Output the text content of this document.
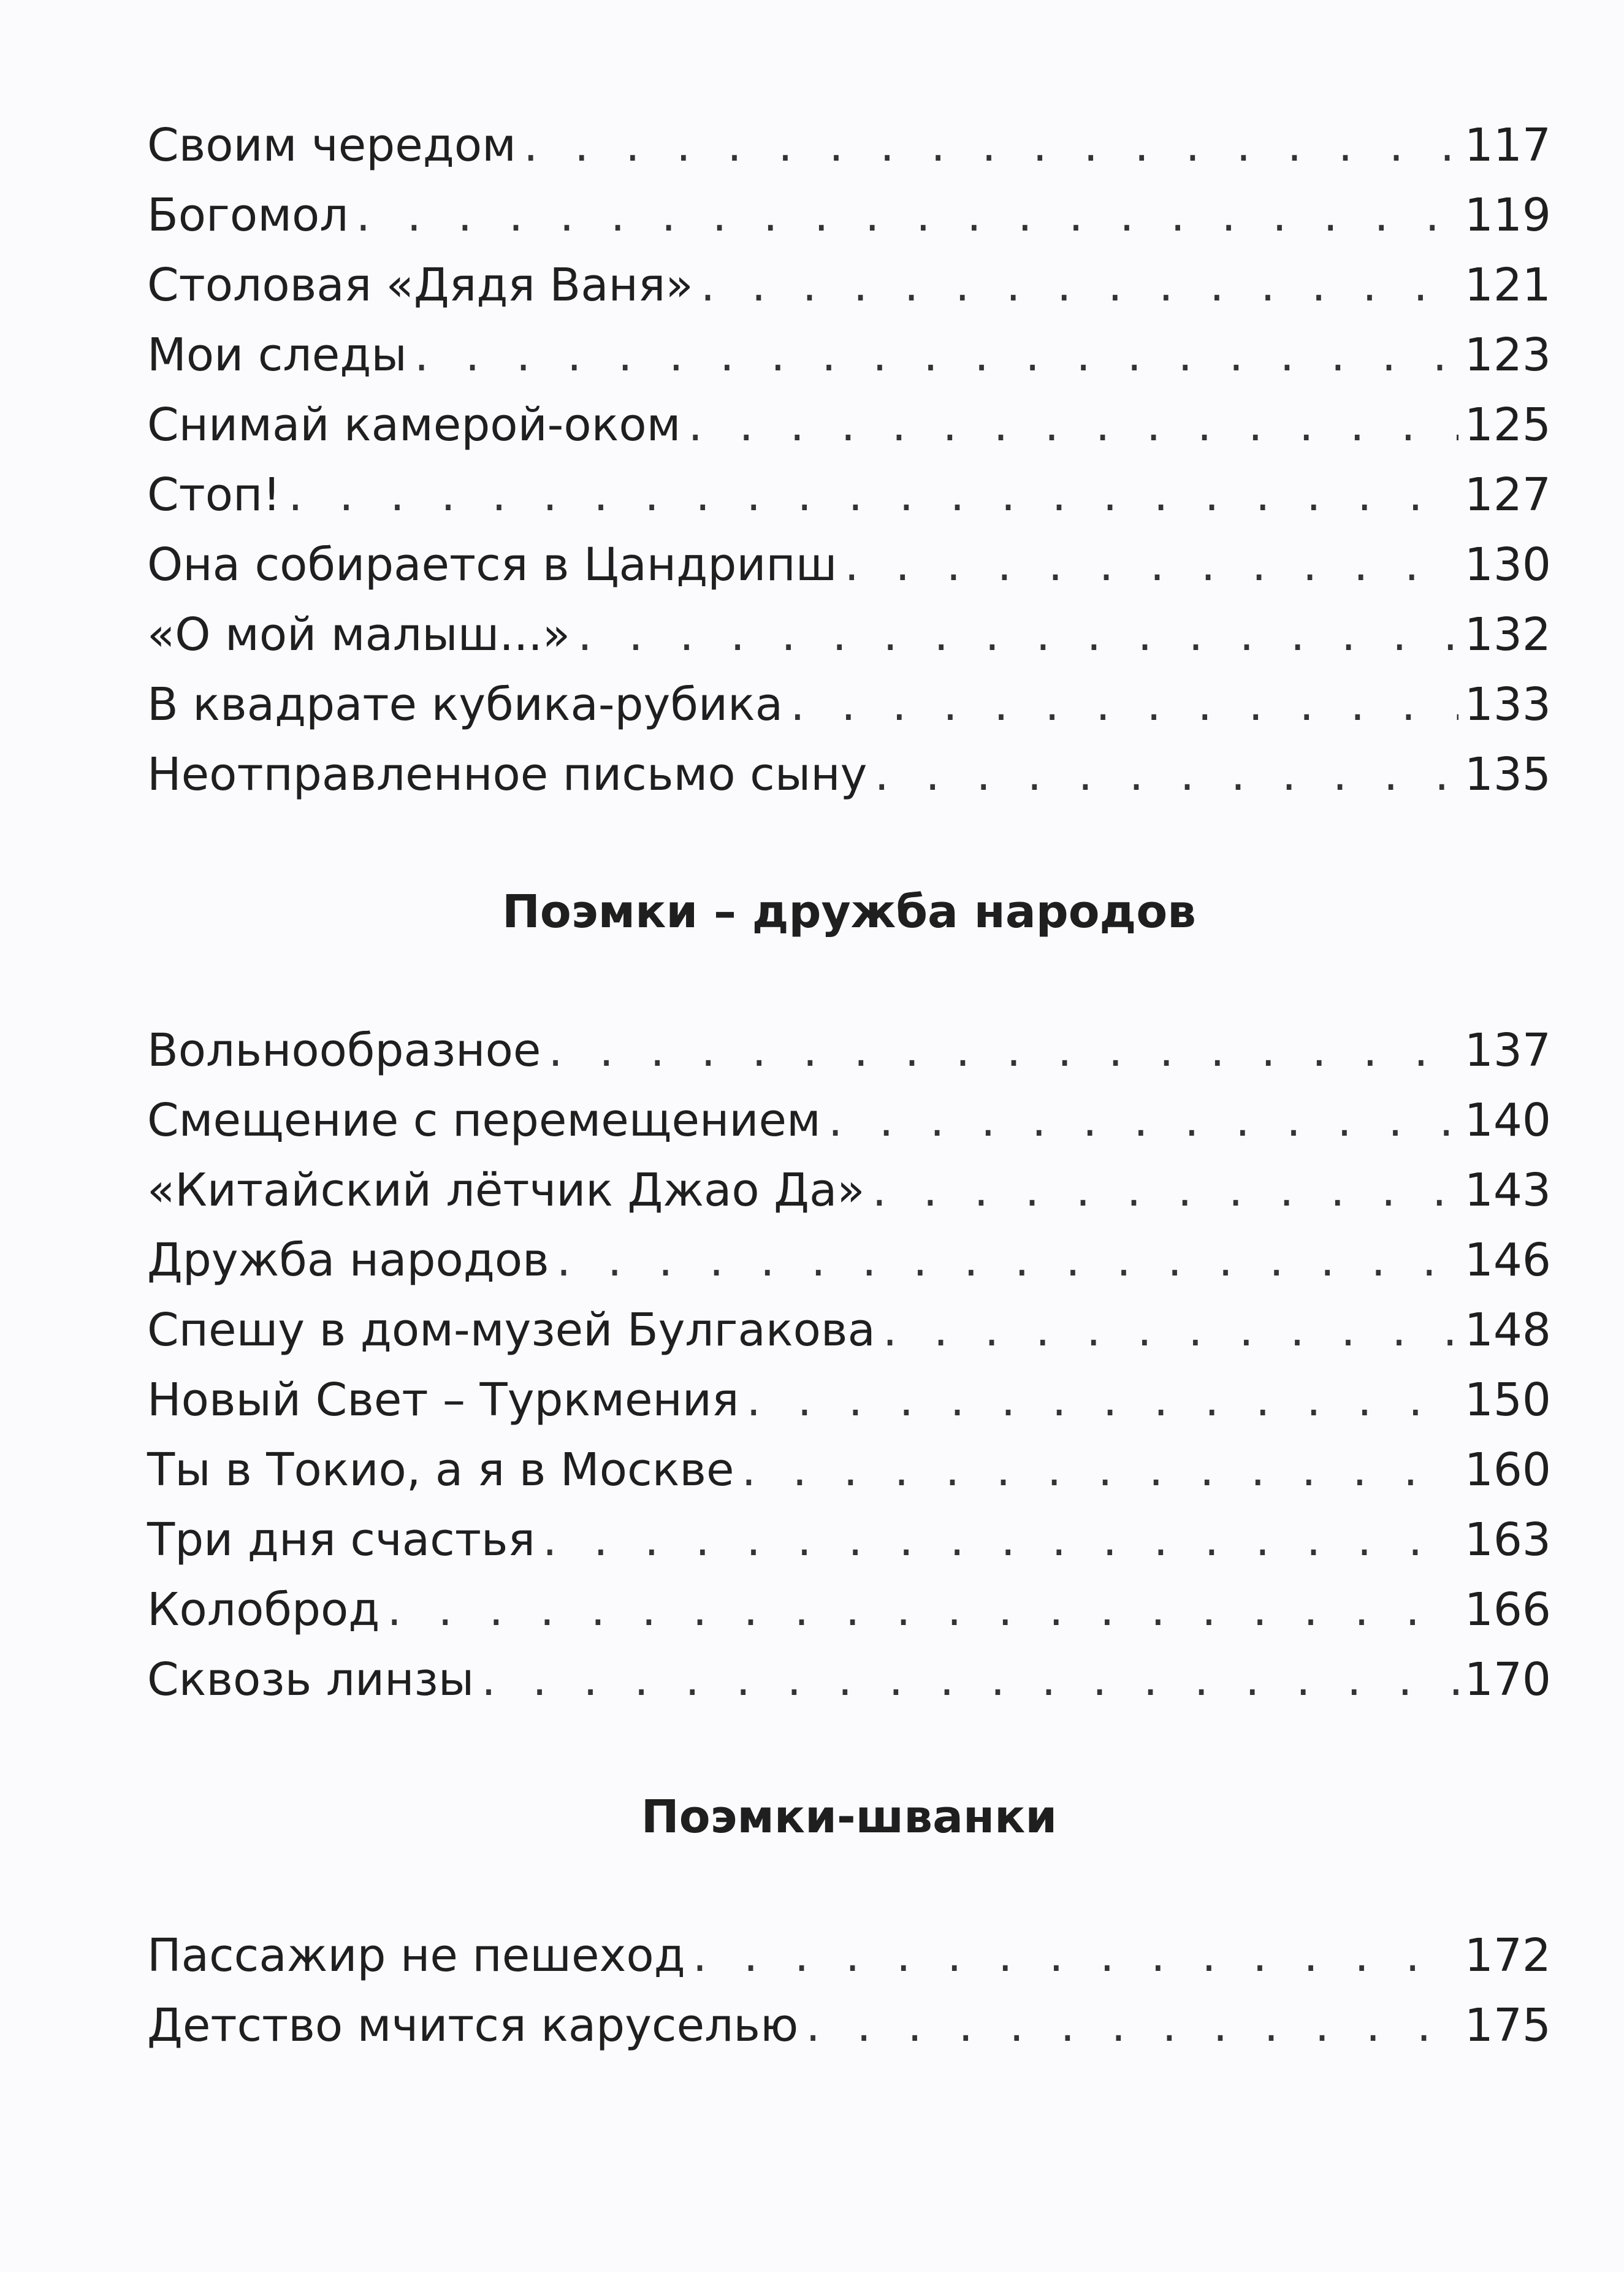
Своим чередом . . .	117
Богомол . . .	119
Столовая «Дядя Ваня» . . .	121
Мои следы . . .	123
Снимай камерой-оком . . .	125
Стоп! . . .	127
Она собирается в Цандрипш . . .	130
«О мой малыш...» . . .	132
В квадрате кубика-рубика . . .	133
Неотправленное письмо сыну . . .	135
Поэмки – дружба народов
Вольнообразное . . .	137
Смещение с перемещением . . .	140
«Китайский лётчик Джао Да» . . .	143
Дружба народов . . .	146
Спешу в дом-музей Булгакова . . .	148
Новый Свет – Туркмения . . .	150
Ты в Токио, а я в Москве . . .	160
Три дня счастья . . .	163
Колоброд . . .	166
Сквозь линзы . . .	170
Поэмки-шванки
Пассажир не пешеход . . .	172
Детство мчится каруселью . . .	175
